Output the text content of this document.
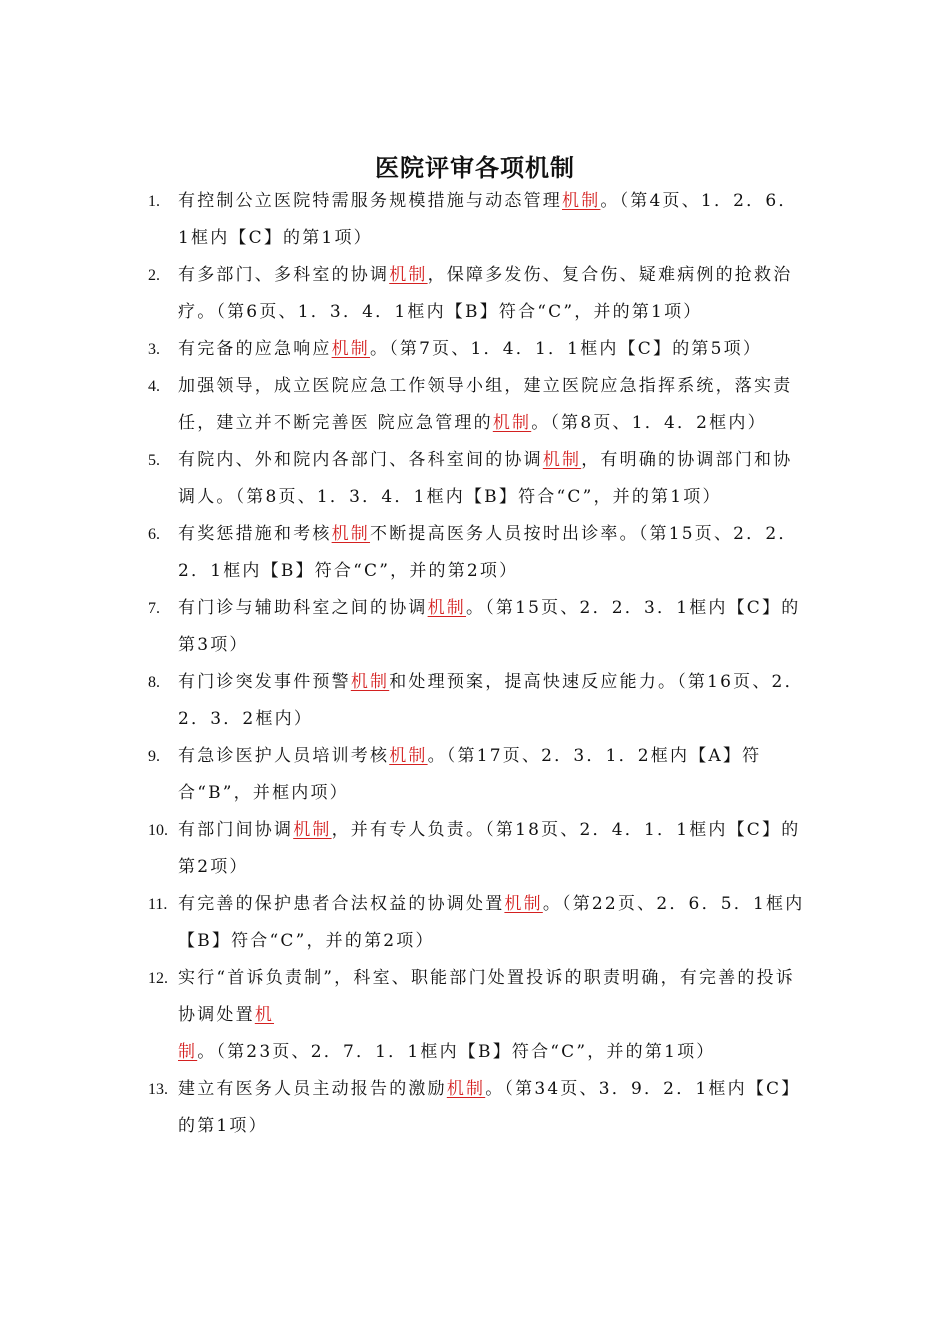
医院评审各项机制
1. 有控制公立医院特需服务规模措施与动态管理机制。（第4页、1．2．6．1框内【C】的第1项）
2. 有多部门、多科室的协调机制，保障多发伤、复合伤、疑难病例的抢救治疗。（第6页、1．3．4．1框内【B】符合“C”，并的第1项）
3. 有完备的应急响应机制。（第7页、1．4．1．1框内【C】的第5项）
4. 加强领导，成立医院应急工作领导小组，建立医院应急指挥系统，落实责任，建立并不断完善医 院应急管理的机制。（第8页、1．4．2框内）
5. 有院内、外和院内各部门、各科室间的协调机制，有明确的协调部门和协调人。（第8页、1．3．4．1框内【B】符合“C”，并的第1项）
6. 有奖惩措施和考核机制不断提高医务人员按时出诊率。（第15页、2．2．2．1框内【B】符合“C”，并的第2项）
7. 有门诊与辅助科室之间的协调机制。（第15页、2．2．3．1框内【C】的第3项）
8. 有门诊突发事件预警机制和处理预案，提高快速反应能力。（第16页、2．2．3．2框内）
9. 有急诊医护人员培训考核机制。（第17页、2．3．1．2框内【A】符合“B”，并框内项）
10. 有部门间协调机制，并有专人负责。（第18页、2．4．1．1框内【C】的第2项）
11. 有完善的保护患者合法权益的协调处置机制。（第22页、2．6．5．1框内【B】符合“C”，并的第2项）
12. 实行“首诉负责制”，科室、职能部门处置投诉的职责明确，有完善的投诉协调处置机制。（第23页、2．7．1．1框内【B】符合“C”，并的第1项）
13. 建立有医务人员主动报告的激励机制。（第34页、3．9．2．1框内【C】的第1项）
